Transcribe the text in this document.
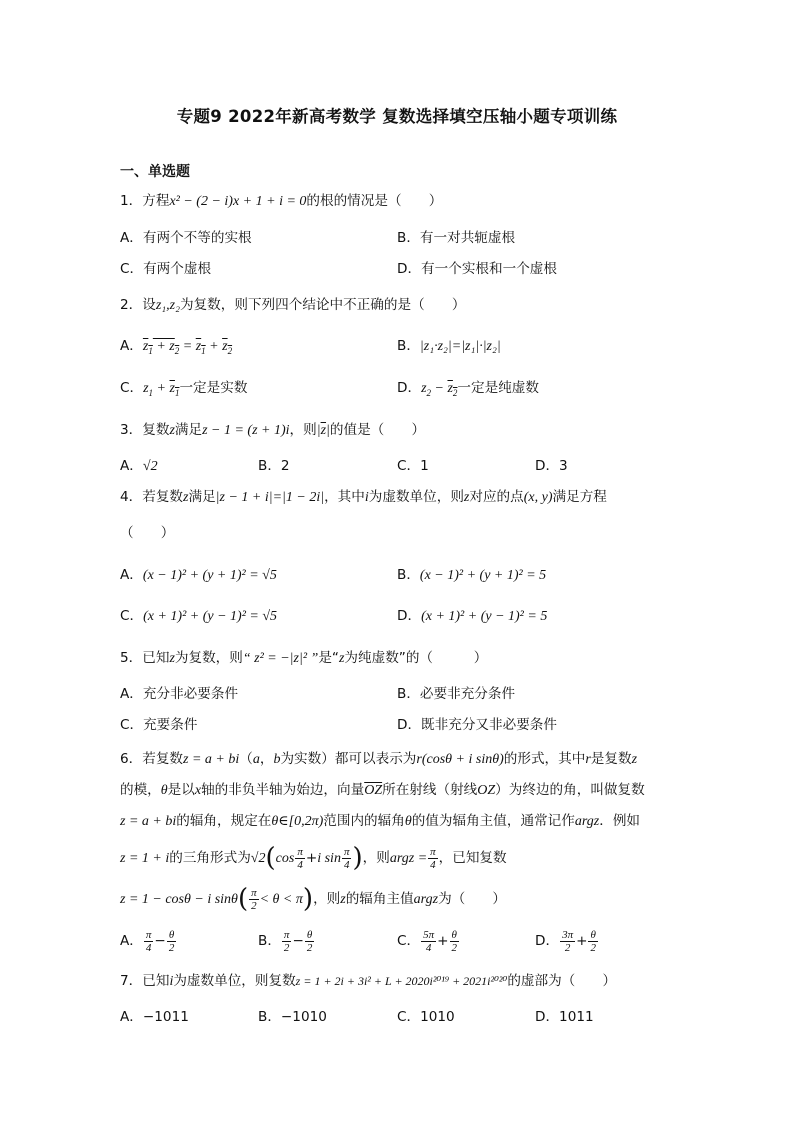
专题9 2022年新高考数学 复数选择填空压轴小题专项训练
一、单选题
1．方程x² − (2 − i)x + 1 + i = 0的根的情况是（　　）
A．有两个不等的实根	B．有一对共轭虚根
C．有两个虚根	D．有一个实根和一个虚根
2．设z₁,z₂为复数，则下列四个结论中不正确的是（　　）
A．$z_1 + z_2 = z_1 + z_2$	B．|z₁·z₂|=|z₁|·|z₂|
C．$z_1 + z_1$一定是实数	D．$z_2 - z_2$一定是纯虚数
3．复数z满足z − 1 = (z + 1)i，则$|\overline{z}|$的值是（　　）
A．√2	B．2	C．1	D．3
4．若复数z满足|z − 1 + i|=|1 − 2i|，其中i为虚数单位，则z对应的点(x, y)满足方程
（　　）
A．(x − 1)² + (y + 1)² = √5	B．(x − 1)² + (y + 1)² = 5
C．(x + 1)² + (y − 1)² = √5	D．(x + 1)² + (y − 1)² = 5
5．已知z为复数，则“ z² = −|z|² ”是“z为纯虚数”的（　　　）
A．充分非必要条件	B．必要非充分条件
C．充要条件	D．既非充分又非必要条件
6．若复数z = a + bi（a，b为实数）都可以表示为r(cosθ + i sinθ)的形式，其中r是复数z
的模，θ是以x轴的非负半轴为始边，向量$\overline{OZ}$所在射线（射线OZ）为终边的角，叫做复数
z = a + bi的辐角，规定在θ∈[0,2π)范围内的辐角θ的值为辐角主值，通常记作argz．例如
z = 1 + i的三角形式为$√2(\cos \frac{\pi}{4} +i$ $\sin \frac{\pi}{4}$ )，则argz = $\frac{\pi}{4}$ ，已知复数
z = 1 − cosθ − i $\sin\theta( \frac{\pi}{2} < \theta < \pi)$，则z的辐角主值argz为（　　）
A． $\frac{\pi}{4} - \frac{\theta}{2}$	B． $\frac{\pi}{2} - \frac{\theta}{2}$	C． $\frac{5\pi}{4} + \frac{\theta}{2}$	D． $\frac{3\pi}{2} + \frac{\theta}{2}$
7．已知i为虚数单位，则复数z = 1 + 2i + 3i² + L + 2020i²⁰¹⁹ + 2021i²⁰²⁰的虚部为（　　）
A．−1011	B．−1010	C．1010	D．1011
